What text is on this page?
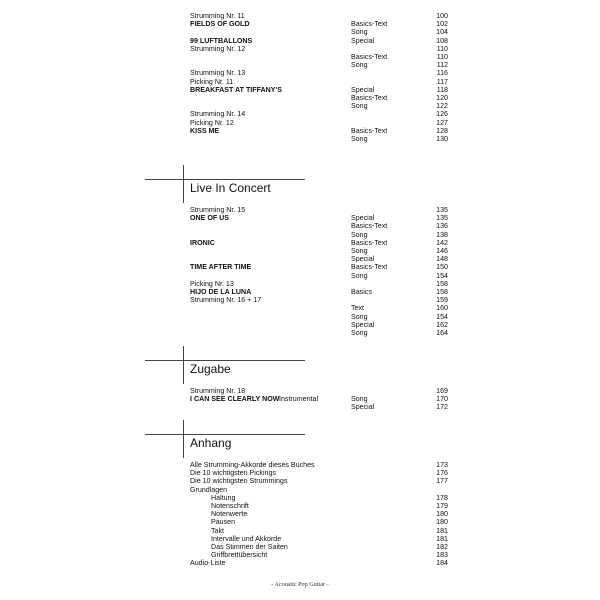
Strumming Nr. 11	100
FIELDS OF GOLD	Basics-Text	102
Song	104
99 LUFTBALLONS	Special	108
Strumming Nr. 12	110
Basics-Text	110
Song	112
Strumming Nr. 13	116
Picking Nr. 11	117
BREAKFAST AT TIFFANY'S	Special	118
Basics-Text	120
Song	122
Strumming Nr. 14	126
Picking Nr. 12	127
KISS ME	Basics-Text	128
Song	130
Live In Concert
Strumming Nr. 15	135
ONE OF US	Special	135
Basics-Text	136
Song	138
IRONIC	Basics-Text	142
Song	146
Special	148
TIME AFTER TIME	Basics-Text	150
Song	154
Picking Nr. 13	158
HIJO DE LA LUNA	Basics	158
Strumming Nr. 16 + 17	159
Text	160
Song	154
Special	162
Song	164
Zugabe
Strumming Nr. 18	169
I CAN SEE CLEARLY NOW Instrumental	Song	170
Special	172
Anhang
Alle Strumming-Akkorde dieses Buches	173
Die 10 wichtigsten Pickings	176
Die 10 wichtigsten Strummings	177
Grundlagen
Haltung	178
Notenschrift	179
Notenwerte	180
Pausen	180
Takt	181
Intervalle und Akkorde	181
Das Stimmen der Saiten	182
Griffbrettübersicht	183
Audio-Liste	184
- Acoustic Pop Guitar -
